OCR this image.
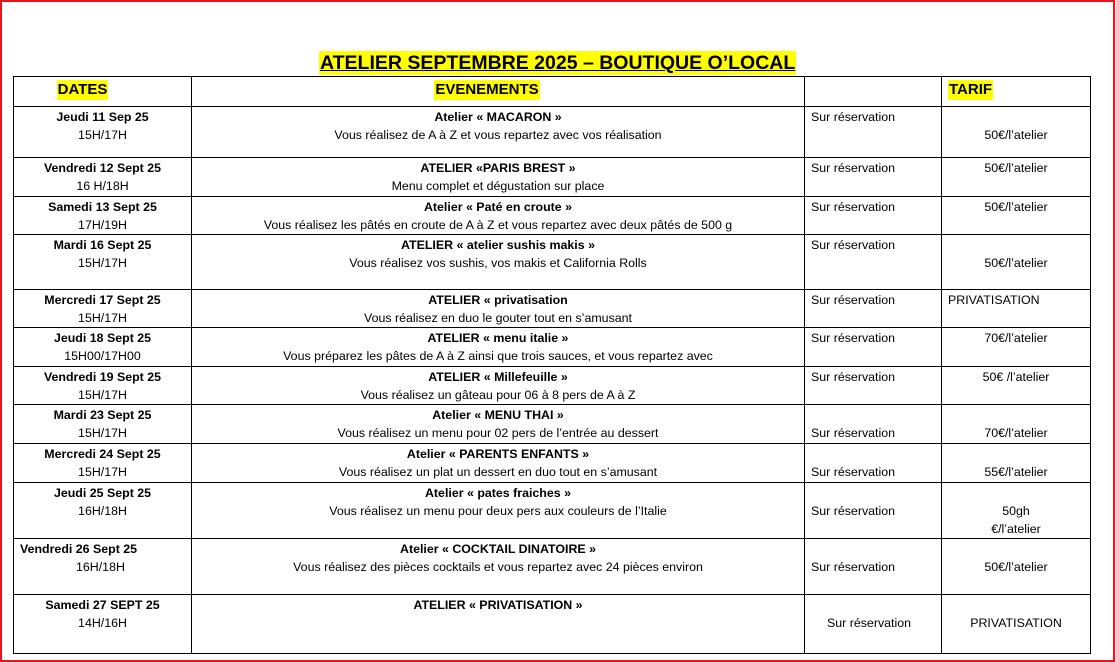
ATELIER SEPTEMBRE 2025 – BOUTIQUE O’LOCAL
DATES	EVENEMENTS		TARIF

Jeudi 11 Sep 25
15H/17H	Atelier « MACARON »
Vous réalisez de A à Z et vous repartez avec vos réalisation	Sur réservation	50€/l’atelier

Vendredi 12 Sept 25
16 H/18H	ATELIER «PARIS BREST »
Menu complet et dégustation sur place	Sur réservation	50€/l’atelier

Samedi 13 Sept 25
17H/19H	Atelier « Paté en croute »
Vous réalisez les pâtés en croute de A à Z et vous repartez avec deux pâtés de 500 g	Sur réservation	50€/l’atelier

Mardi 16 Sept 25
15H/17H	ATELIER « atelier sushis makis »
Vous réalisez vos sushis, vos makis et California Rolls	Sur réservation	50€/l’atelier

Mercredi 17 Sept 25
15H/17H	ATELIER « privatisation
Vous réalisez en duo le gouter tout en s’amusant	Sur réservation	PRIVATISATION

Jeudi 18 Sept 25
15H00/17H00	ATELIER « menu italie »
Vous préparez les pâtes de A à Z ainsi que trois sauces, et vous repartez avec	Sur réservation	70€/l’atelier

Vendredi 19 Sept 25
15H/17H	ATELIER « Millefeuille »
Vous réalisez un gâteau pour 06 à 8 pers de A à Z	Sur réservation	50€ /l’atelier

Mardi 23 Sept 25
15H/17H	Atelier « MENU THAI »
Vous réalisez un menu pour 02 pers de l’entrée au dessert	Sur réservation	70€/l’atelier

Mercredi 24 Sept 25
15H/17H	Atelier « PARENTS ENFANTS »
Vous réalisez un plat un dessert en duo tout en s’amusant	Sur réservation	55€/l’atelier

Jeudi 25 Sept 25
16H/18H	Atelier « pates fraiches »
Vous réalisez un menu pour deux pers aux couleurs de l’Italie	Sur réservation	50gh
€/l’atelier

Vendredi 26 Sept 25
16H/18H	Atelier « COCKTAIL DINATOIRE »
Vous réalisez des pièces cocktails et vous repartez avec 24 pièces environ	Sur réservation	50€/l’atelier

Samedi 27 SEPT 25
14H/16H	ATELIER « PRIVATISATION »	Sur réservation	PRIVATISATION
